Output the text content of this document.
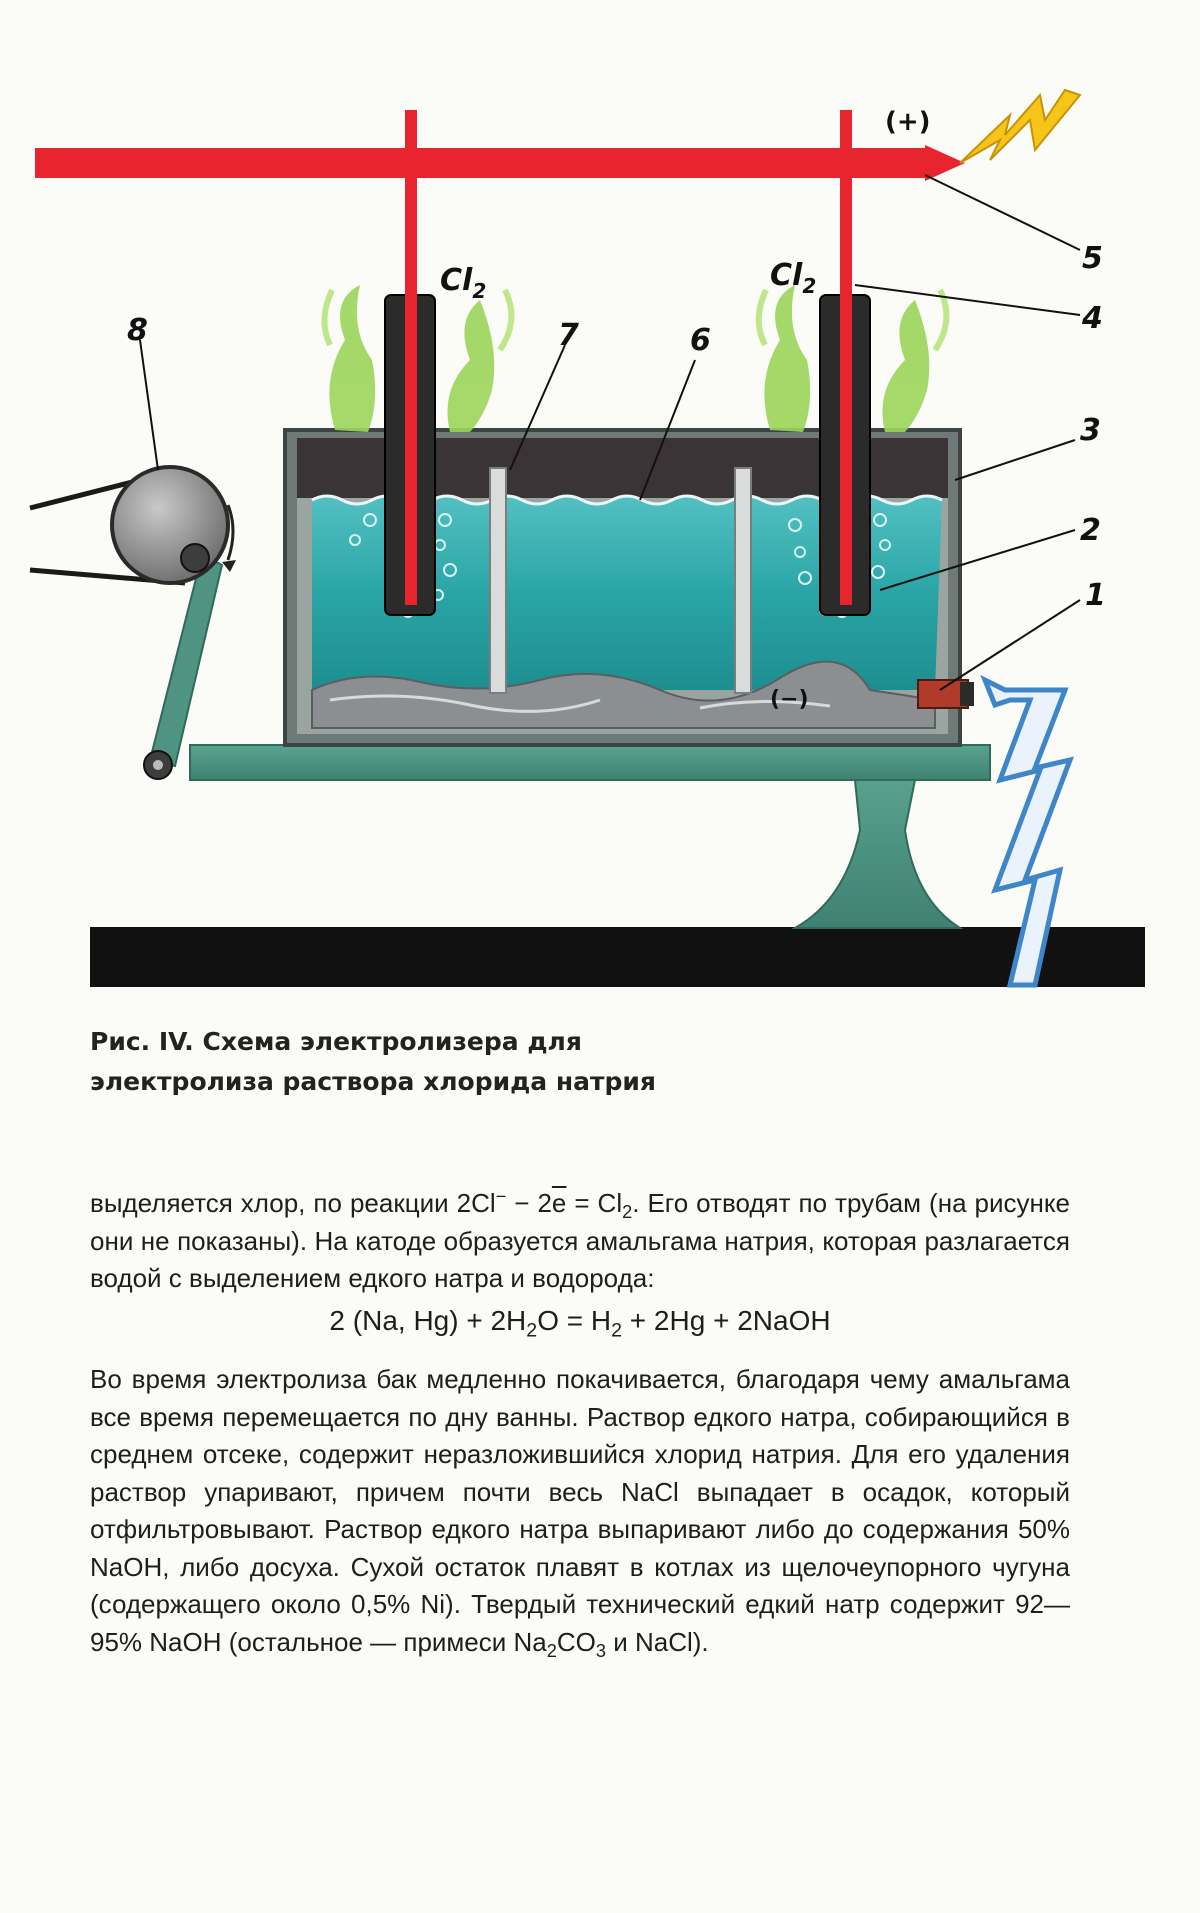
(−)
(+)
$Cl_2$	$Cl_2$
8	7	6
5
4
3
2
1
Рис. IV. Схема электролизера для электролиза раствора хлорида натрия

выделяется хлор, по реакции $2Cl^- - 2\overline{e} = Cl_2$. Его отводят по трубам (на рисунке они не показаны). На катоде образуется амальгама натрия, которая разлагается водой с выделением едкого натра и водорода:

2 (Na, $Hg) + 2H_2O = H_2 + 2Hg$ + 2NaOH

Во время электролиза бак медленно покачивается, благодаря чему амальгама все время перемещается по дну ванны. Раствор едкого натра, собирающийся в среднем отсеке, содержит неразложившийся хлорид натрия. Для его удаления раствор упаривают, причем почти весь NaCl выпадает в осадок, который отфильтровывают. Раствор едкого натра выпаривают либо до содержания 50% NaOH, либо досуха. Сухой остаток плавят в котлах из щелочеупорного чугуна (содержащего около 0,5% Ni). Твердый технический едкий натр содержит 92—95% NaOH (остальное — примеси $Na_2CO_3$ и NaCl).
